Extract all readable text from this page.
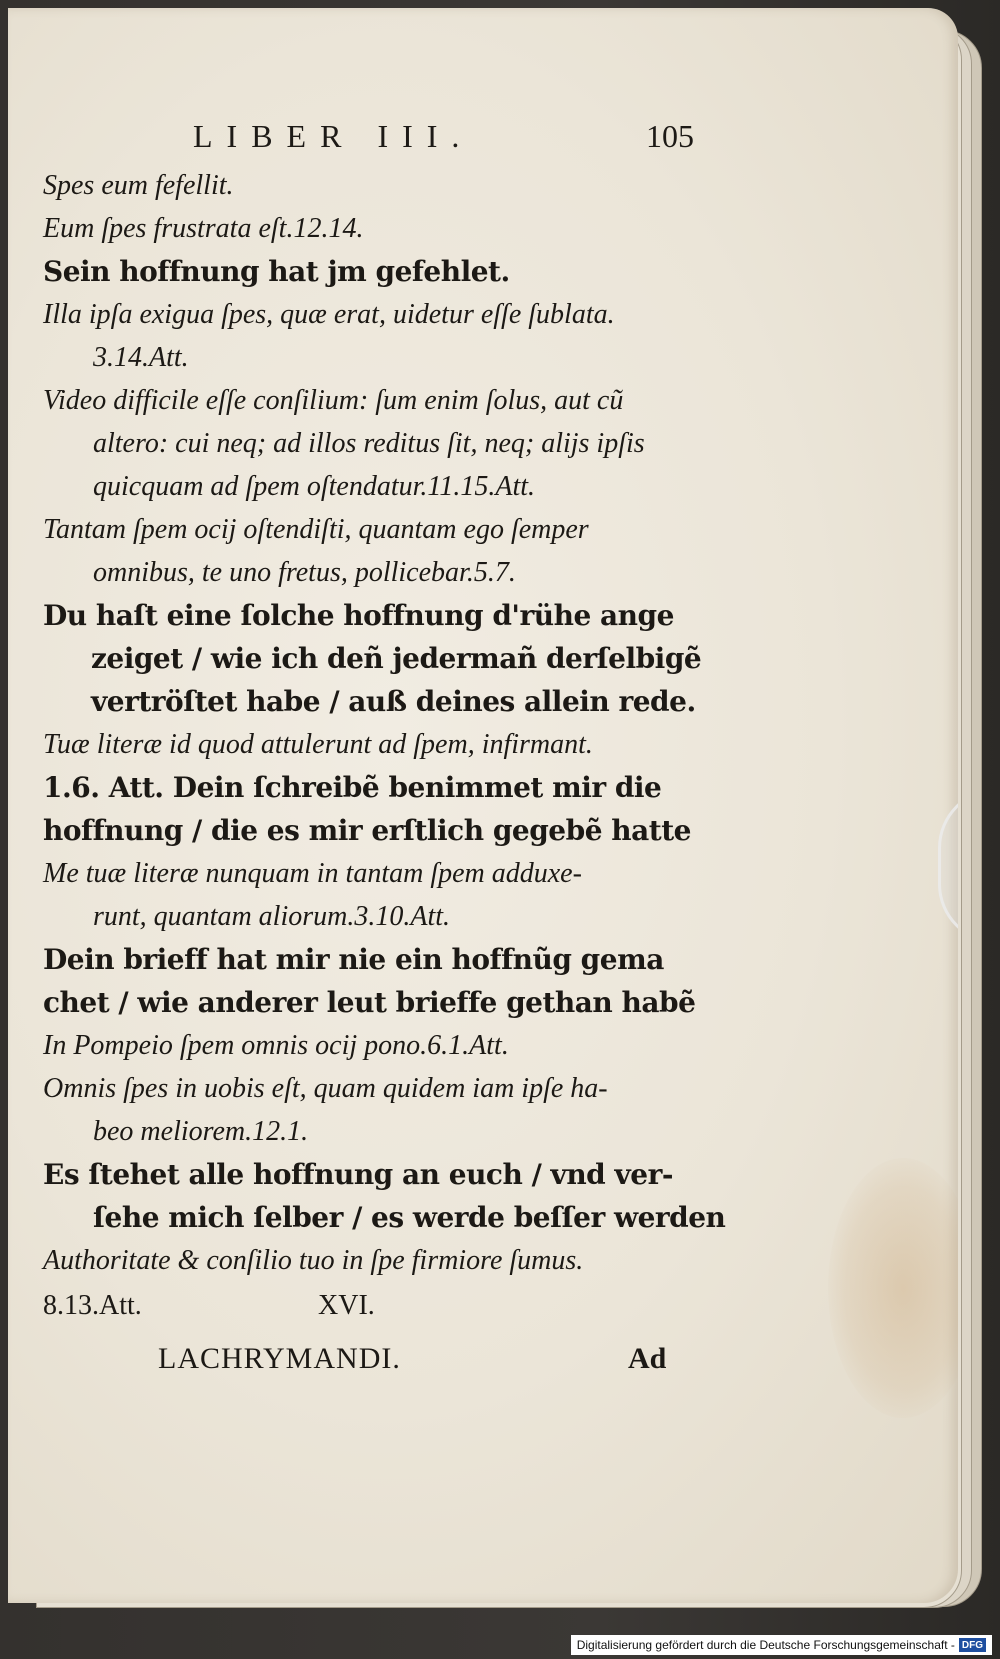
LIBER III.	105
Spes eum fefellit.
Eum ſpes frustrata eſt.12.14.
Sein hoffnung hat jm gefehlet.
Illa ipſa exigua ſpes, quæ erat, uidetur eſſe ſublata.
3.14.Att.
Video difficile eſſe conſilium: ſum enim ſolus, aut cũ
altero: cui neq; ad illos reditus ſit, neq; alijs ipſis
quicquam ad ſpem oſtendatur.11.15.Att.
Tantam ſpem ocij oſtendiſti, quantam ego ſemper
omnibus, te uno fretus, pollicebar.5.7.
Du haſt eine ſolche hoffnung d'rühe ange
zeiget / wie ich deñ jedermañ derſelbigẽ
vertröſtet habe / auß deines allein rede.
Tuæ literæ id quod attulerunt ad ſpem, infirmant.
1.6. Att. Dein ſchreibẽ benimmet mir die
hoffnung / die es mir erſtlich gegebẽ hatte
Me tuæ literæ nunquam in tantam ſpem adduxe-
runt, quantam aliorum.3.10.Att.
Dein brieff hat mir nie ein hoffnũg gema
chet / wie anderer leut brieffe gethan habẽ
In Pompeio ſpem omnis ocij pono.6.1.Att.
Omnis ſpes in uobis eſt, quam quidem iam ipſe ha-
beo meliorem.12.1.
Es ſtehet alle hoffnung an euch / vnd ver-
ſehe mich ſelber / es werde beſſer werden
Authoritate & conſilio tuo in ſpe firmiore ſumus.
8.13.Att.	XVI.
LACHRYMANDI.	Ad
Digitalisierung gefördert durch die Deutsche Forschungsgemeinschaft - DFG
